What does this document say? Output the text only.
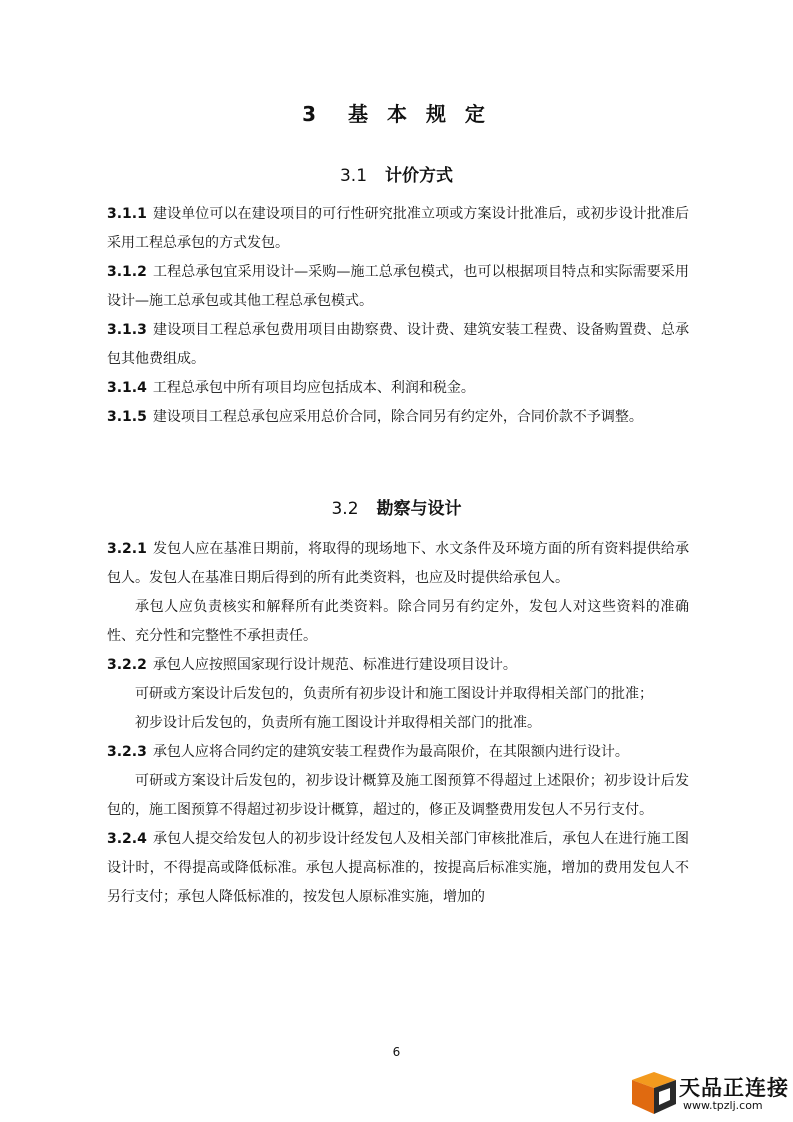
3 基 本 规 定
3.1 计价方式

3.1.1 建设单位可以在建设项目的可行性研究批准立项或方案设计批准后，或初步设计批准后采用工程总承包的方式发包。

3.1.2 工程总承包宜采用设计—采购—施工总承包模式，也可以根据项目特点和实际需要采用设计—施工总承包或其他工程总承包模式。

3.1.3 建设项目工程总承包费用项目由勘察费、设计费、建筑安装工程费、设备购置费、总承包其他费组成。

3.1.4 工程总承包中所有项目均应包括成本、利润和税金。

3.1.5 建设项目工程总承包应采用总价合同，除合同另有约定外，合同价款不予调整。

3.2 勘察与设计

3.2.1 发包人应在基准日期前，将取得的现场地下、水文条件及环境方面的所有资料提供给承包人。发包人在基准日期后得到的所有此类资料，也应及时提供给承包人。

承包人应负责核实和解释所有此类资料。除合同另有约定外，发包人对这些资料的准确性、充分性和完整性不承担责任。

3.2.2 承包人应按照国家现行设计规范、标准进行建设项目设计。

可研或方案设计后发包的，负责所有初步设计和施工图设计并取得相关部门的批准；

初步设计后发包的，负责所有施工图设计并取得相关部门的批准。

3.2.3 承包人应将合同约定的建筑安装工程费作为最高限价，在其限额内进行设计。

可研或方案设计后发包的，初步设计概算及施工图预算不得超过上述限价；初步设计后发包的，施工图预算不得超过初步设计概算，超过的，修正及调整费用发包人不另行支付。

3.2.4 承包人提交给发包人的初步设计经发包人及相关部门审核批准后，承包人在进行施工图设计时，不得提高或降低标准。承包人提高标准的，按提高后标准实施，增加的费用发包人不另行支付；承包人降低标准的，按发包人原标准实施，增加的

6
天品正连接
www.tpzlj.com
